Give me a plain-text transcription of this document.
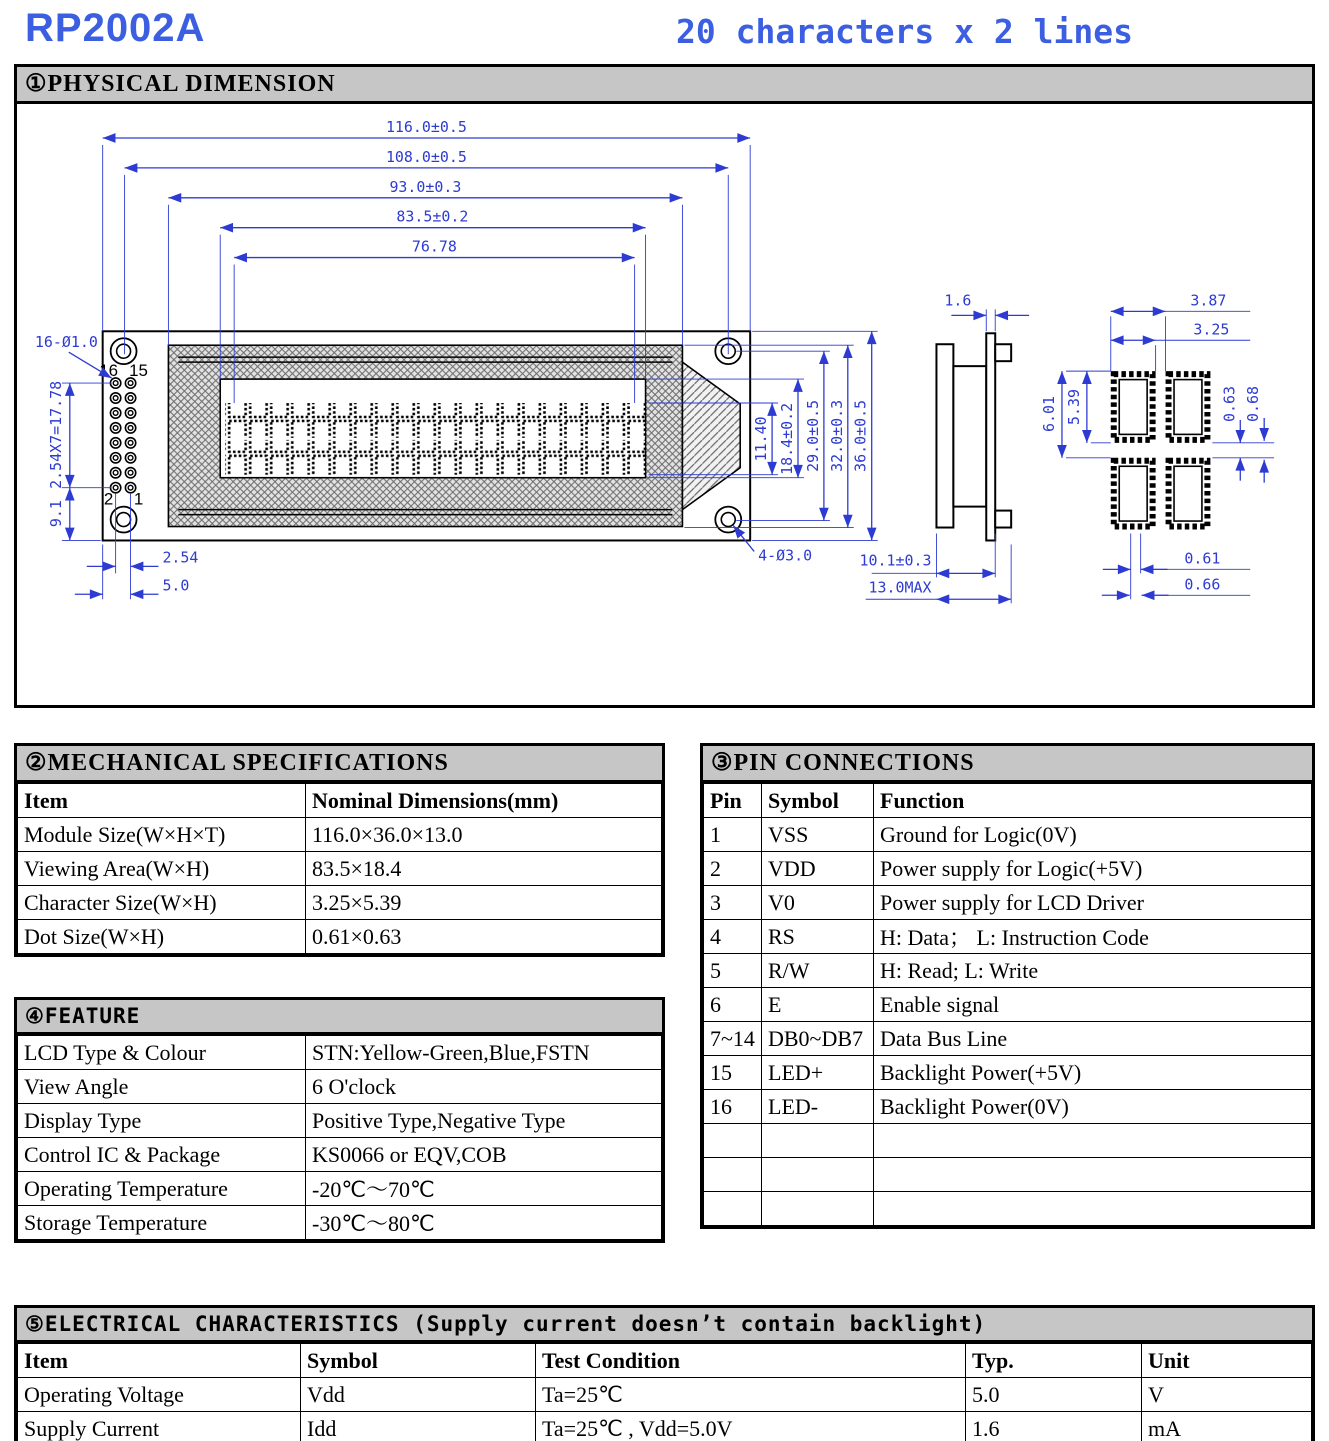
RP2002A	20 characters x 2 lines
①PHYSICAL DIMENSION
16 15
2 1
116.0±0.5
108.0±0.5
93.0±0.3
83.5±0.2
76.78
11.40 18.4±0.2 29.0±0.5 32.0±0.3 36.0±0.5
2.54X7=17.78
9.1
2.54
5.0
16-Ø1.0
4-Ø3.0
1.6
10.1±0.3
13.0MAX
3.87
3.25
6.01 5.39	0.63 0.68
0.61
0.66
②MECHANICAL SPECIFICATIONS
Item	Nominal Dimensions(mm)
Module Size(W×H×T)	116.0×36.0×13.0
Viewing Area(W×H)	83.5×18.4
Character Size(W×H)	3.25×5.39
Dot Size(W×H)	0.61×0.63
④FEATURE
LCD Type & Colour	STN:Yellow-Green,Blue,FSTN
View Angle	6 O'clock
Display Type	Positive Type,Negative Type
Control IC & Package	KS0066 or EQV,COB
Operating Temperature	-20℃～70℃
Storage Temperature	-30℃～80℃
③PIN CONNECTIONS
Pin	Symbol	Function
1	VSS	Ground for Logic(0V)
2	VDD	Power supply for Logic(+5V)
3	V0	Power supply for LCD Driver
4	RS	H: Data； L: Instruction Code
5	R/W	H: Read; L: Write
6	E	Enable signal
7~14	DB0~DB7	Data Bus Line
15	LED+	Backlight Power(+5V)
16	LED-	Backlight Power(0V)

⑤ELECTRICAL CHARACTERISTICS (Supply current doesn’t contain backlight)
Item	Symbol	Test Condition	Typ.	Unit
Operating Voltage	Vdd	Ta=25℃	5.0	V
Supply Current	Idd	Ta=25℃ , Vdd=5.0V	1.6	mA
